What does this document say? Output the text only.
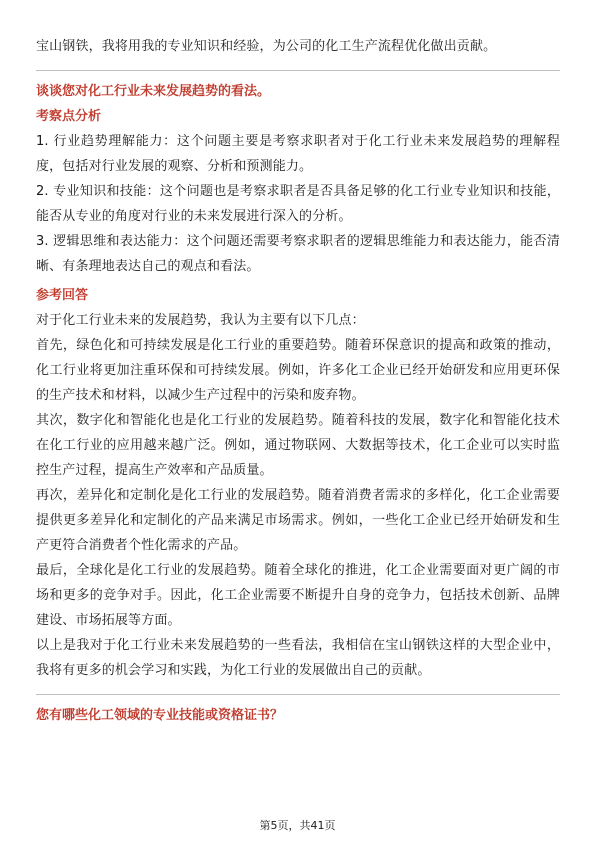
宝山钢铁，我将用我的专业知识和经验，为公司的化工生产流程优化做出贡献。

谈谈您对化工行业未来发展趋势的看法。

考察点分析

1. 行业趋势理解能力：这个问题主要是考察求职者对于化工行业未来发展趋势的理解程度，包括对行业发展的观察、分析和预测能力。

2. 专业知识和技能：这个问题也是考察求职者是否具备足够的化工行业专业知识和技能，能否从专业的角度对行业的未来发展进行深入的分析。

3. 逻辑思维和表达能力：这个问题还需要考察求职者的逻辑思维能力和表达能力，能否清晰、有条理地表达自己的观点和看法。

参考回答

对于化工行业未来的发展趋势，我认为主要有以下几点：

首先，绿色化和可持续发展是化工行业的重要趋势。随着环保意识的提高和政策的推动，化工行业将更加注重环保和可持续发展。例如，许多化工企业已经开始研发和应用更环保的生产技术和材料，以减少生产过程中的污染和废弃物。

其次，数字化和智能化也是化工行业的发展趋势。随着科技的发展，数字化和智能化技术在化工行业的应用越来越广泛。例如，通过物联网、大数据等技术，化工企业可以实时监控生产过程，提高生产效率和产品质量。

再次，差异化和定制化是化工行业的发展趋势。随着消费者需求的多样化，化工企业需要提供更多差异化和定制化的产品来满足市场需求。例如，一些化工企业已经开始研发和生产更符合消费者个性化需求的产品。

最后，全球化是化工行业的发展趋势。随着全球化的推进，化工企业需要面对更广阔的市场和更多的竞争对手。因此，化工企业需要不断提升自身的竞争力，包括技术创新、品牌建设、市场拓展等方面。

以上是我对于化工行业未来发展趋势的一些看法，我相信在宝山钢铁这样的大型企业中，我将有更多的机会学习和实践，为化工行业的发展做出自己的贡献。

您有哪些化工领域的专业技能或资格证书？

第5页，共41页
